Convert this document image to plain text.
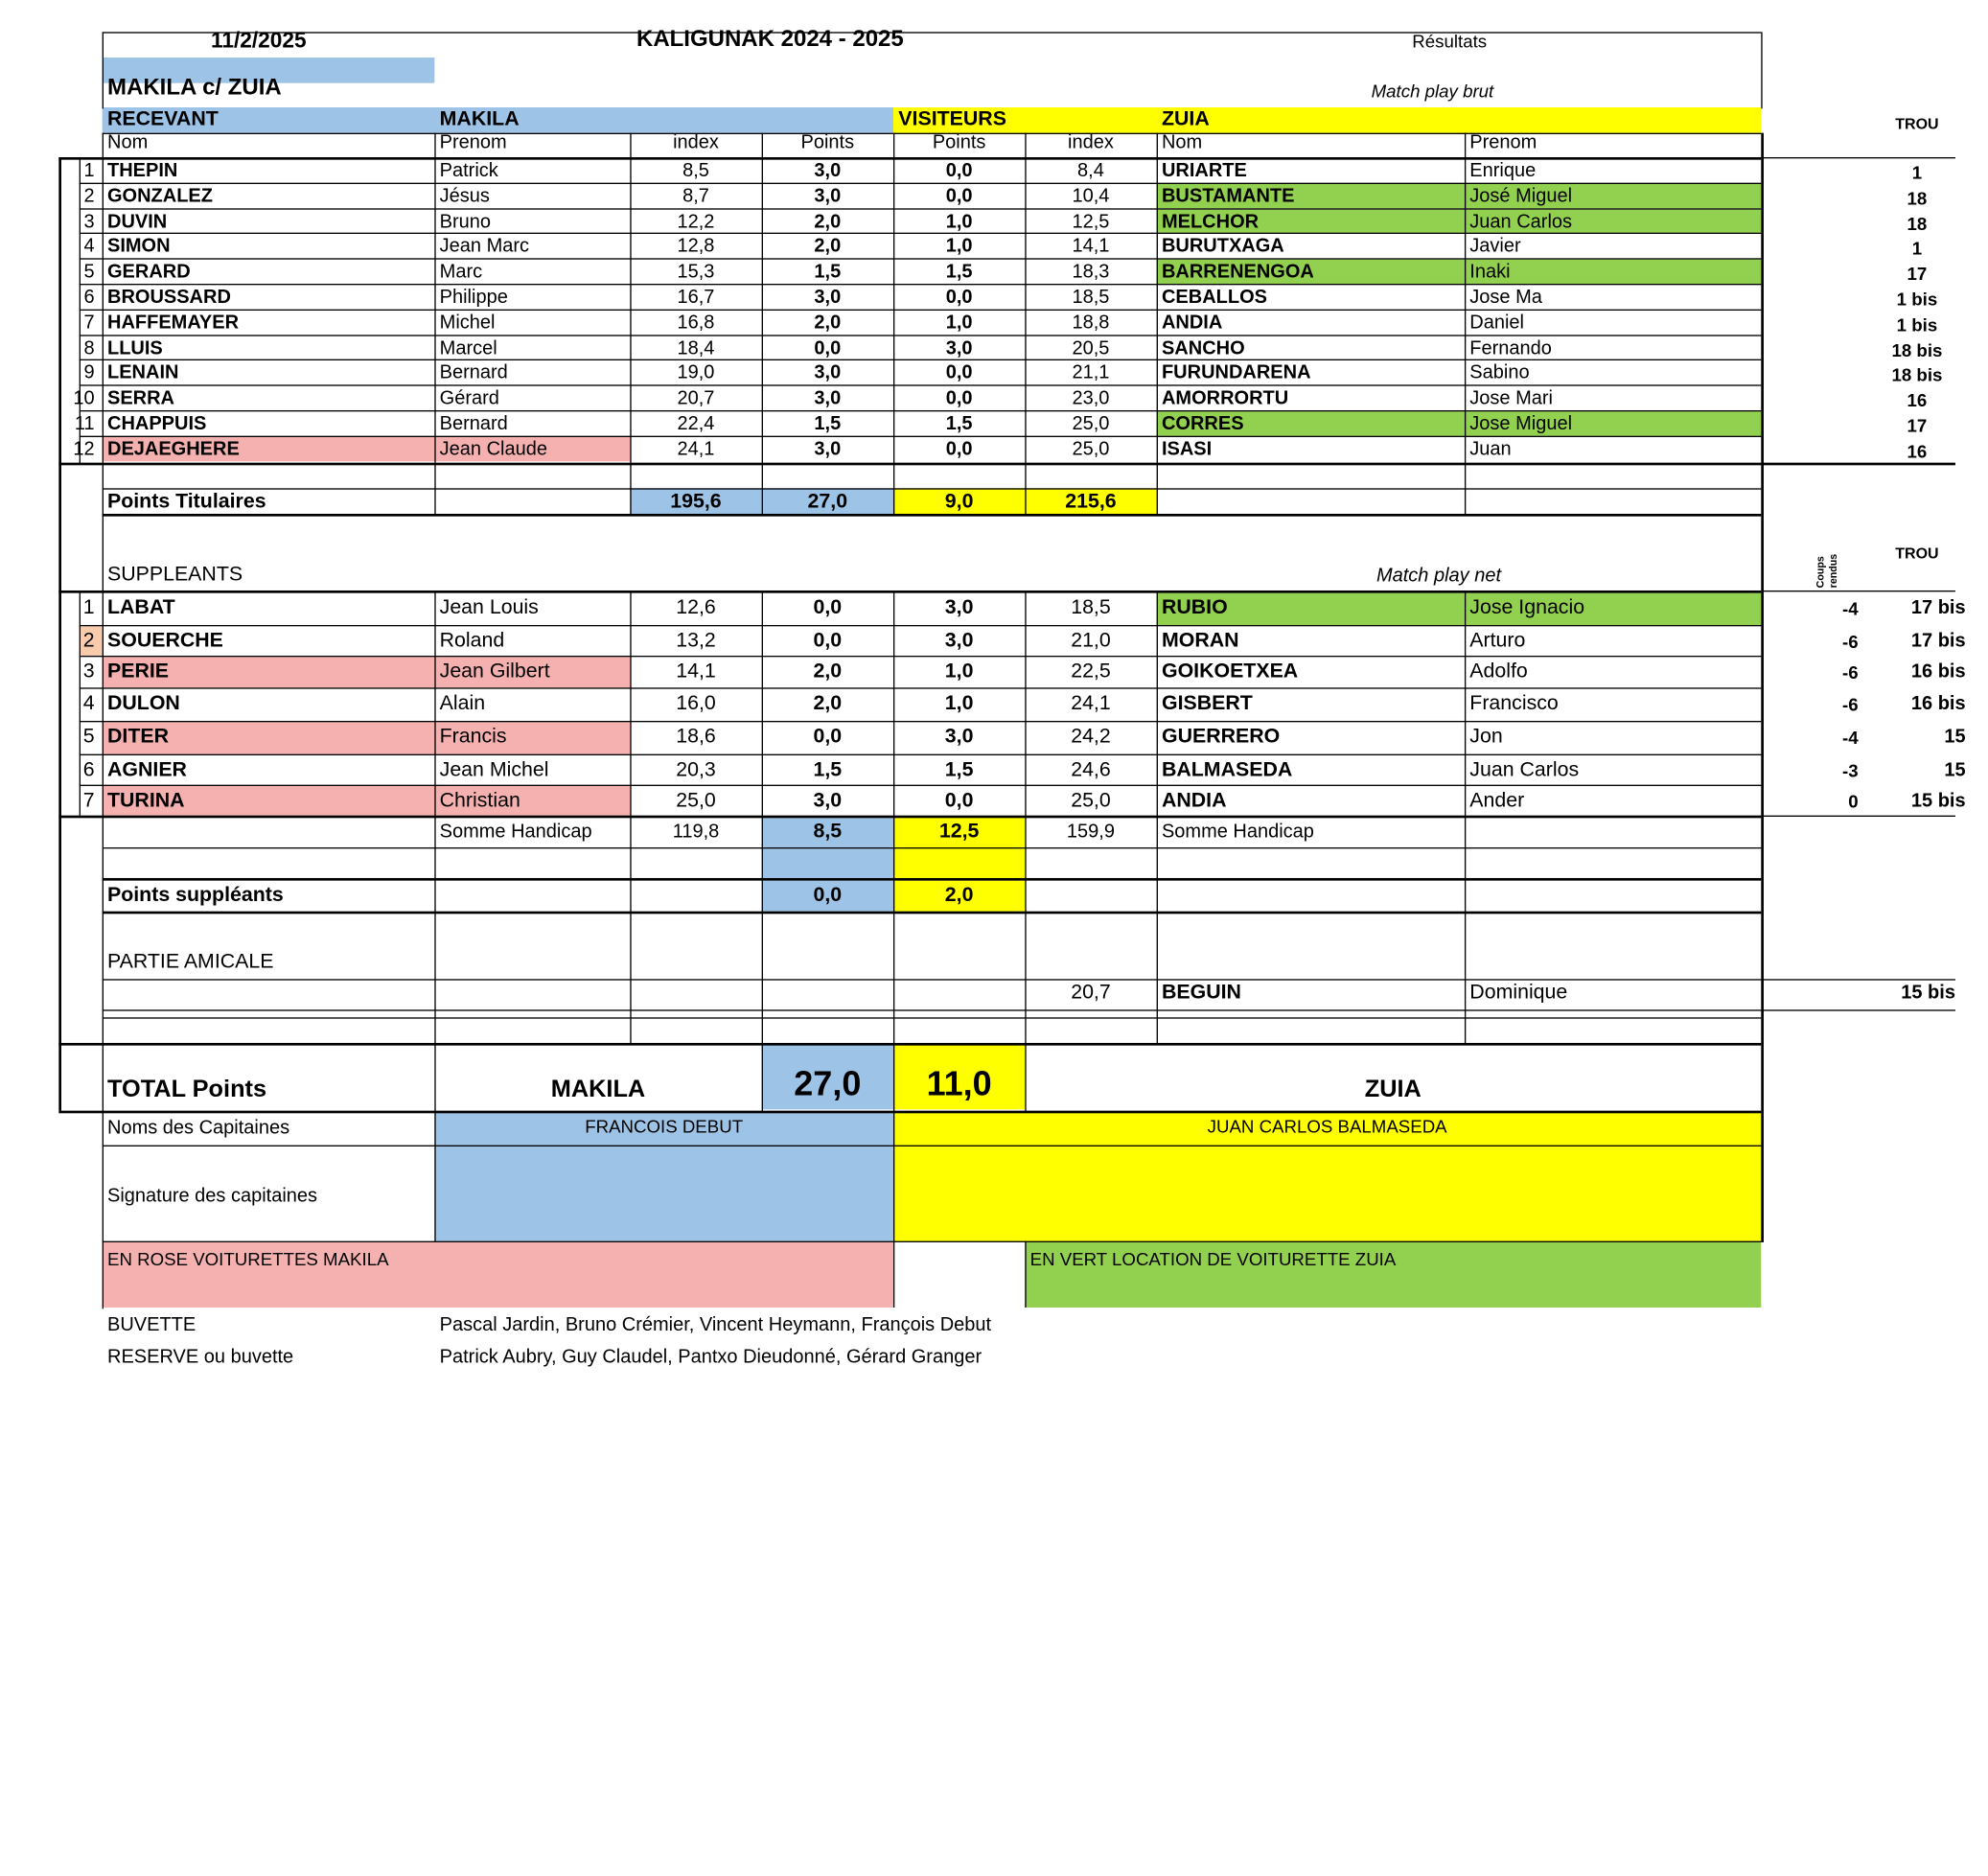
11/2/2025	KALIGUNAK 2024 - 2025	Résultats
MAKILA c/ ZUIA	Match play brut
RECEVANT	MAKILA	VISITEURS	ZUIA	TROU
Nom	Prenom	index	Points	Points	index	Nom	Prenom
1 THEPIN	Patrick	8,5	3,0	0,0	8,4	URIARTE	Enrique	1
2 GONZALEZ	Jésus	8,7	3,0	0,0	10,4	BUSTAMANTE	José Miguel	18
3 DUVIN	Bruno	12,2	2,0	1,0	12,5	MELCHOR	Juan Carlos	18
4 SIMON	Jean Marc	12,8	2,0	1,0	14,1	BURUTXAGA	Javier	1
5 GERARD	Marc	15,3	1,5	1,5	18,3	BARRENENGOA	Inaki	17
6 BROUSSARD	Philippe	16,7	3,0	0,0	18,5	CEBALLOS	Jose Ma	1 bis
7 HAFFEMAYER	Michel	16,8	2,0	1,0	18,8	ANDIA	Daniel	1 bis
8 LLUIS	Marcel	18,4	0,0	3,0	20,5	SANCHO	Fernando	18 bis
9 LENAIN	Bernard	19,0	3,0	0,0	21,1	FURUNDARENA	Sabino	18 bis
10 SERRA	Gérard	20,7	3,0	0,0	23,0	AMORRORTU	Jose Mari	16
11 CHAPPUIS	Bernard	22,4	1,5	1,5	25,0	CORRES	Jose Miguel	17
12 DEJAEGHERE	Jean Claude	24,1	3,0	0,0	25,0	ISASI	Juan	16
Points Titulaires	195,6	27,0	9,0	215,6
SUPPLEANTS	Match play net	Coups rendus
TROU
1 LABAT	Jean Louis	12,6	0,0	3,0	18,5	RUBIO	Jose Ignacio	-4	17 bis
2 SOUERCHE	Roland	13,2	0,0	3,0	21,0	MORAN	Arturo	-6	17 bis
3 PERIE	Jean Gilbert	14,1	2,0	1,0	22,5	GOIKOETXEA	Adolfo	-6	16 bis
4 DULON	Alain	16,0	2,0	1,0	24,1	GISBERT	Francisco	-6	16 bis
5 DITER	Francis	18,6	0,0	3,0	24,2	GUERRERO	Jon	-4	15
6 AGNIER	Jean Michel	20,3	1,5	1,5	24,6	BALMASEDA	Juan Carlos	-3	15
7 TURINA	Christian	25,0	3,0	0,0	25,0	ANDIA	Ander	0	15 bis
Somme Handicap	119,8	8,5	12,5	159,9	Somme Handicap
Points suppléants	0,0	2,0
PARTIE AMICALE
20,7	BEGUIN	Dominique	15 bis
TOTAL Points	MAKILA	27,0	11,0	ZUIA
Noms des Capitaines	FRANCOIS DEBUT	JUAN CARLOS BALMASEDA
Signature des capitaines
EN ROSE VOITURETTES MAKILA	EN VERT LOCATION DE VOITURETTE ZUIA
BUVETTE	Pascal Jardin, Bruno Crémier, Vincent Heymann, François Debut
RESERVE ou buvette	Patrick Aubry, Guy Claudel, Pantxo Dieudonné, Gérard Granger
